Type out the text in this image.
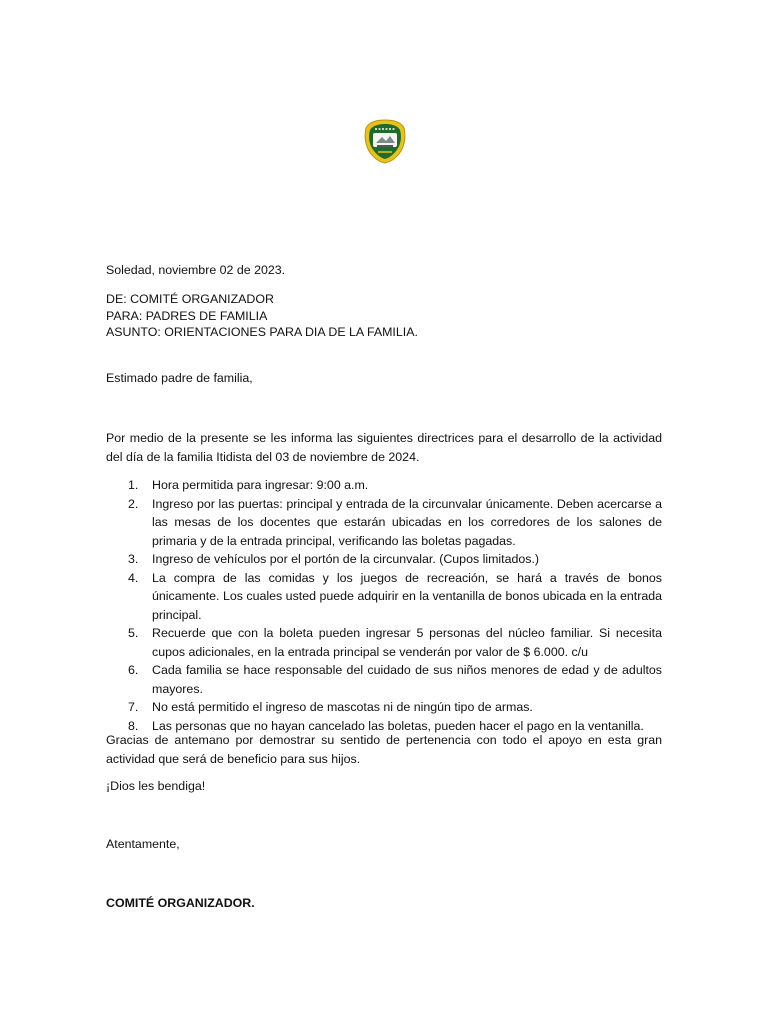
Soledad, noviembre 02 de 2023.
DE: COMITÉ ORGANIZADOR
PARA: PADRES DE FAMILIA
ASUNTO: ORIENTACIONES PARA DIA DE LA FAMILIA.
Estimado padre de familia,
Por medio de la presente se les informa las siguientes directrices para el desarrollo de la actividad del día de la familia Itidista del 03 de noviembre de 2024.
1.	Hora permitida para ingresar: 9:00 a.m.
2.	Ingreso por las puertas: principal y entrada de la circunvalar únicamente. Deben acercarse a las mesas de los docentes que estarán ubicadas en los corredores de los salones de primaria y de la entrada principal, verificando las boletas pagadas.
3.	Ingreso de vehículos por el portón de la circunvalar. (Cupos limitados.)
4.	La compra de las comidas y los juegos de recreación, se hará a través de bonos únicamente. Los cuales usted puede adquirir en la ventanilla de bonos ubicada en la entrada principal.
5.	Recuerde que con la boleta pueden ingresar 5 personas del núcleo familiar. Si necesita cupos adicionales, en la entrada principal se venderán por valor de $ 6.000. c/u
6.	Cada familia se hace responsable del cuidado de sus niños menores de edad y de adultos mayores.
7.	No está permitido el ingreso de mascotas ni de ningún tipo de armas.
8.	Las personas que no hayan cancelado las boletas, pueden hacer el pago en la ventanilla.
Gracias de antemano por demostrar su sentido de pertenencia con todo el apoyo en esta gran actividad que será de beneficio para sus hijos.
¡Dios les bendiga!
Atentamente,
COMITÉ ORGANIZADOR.
